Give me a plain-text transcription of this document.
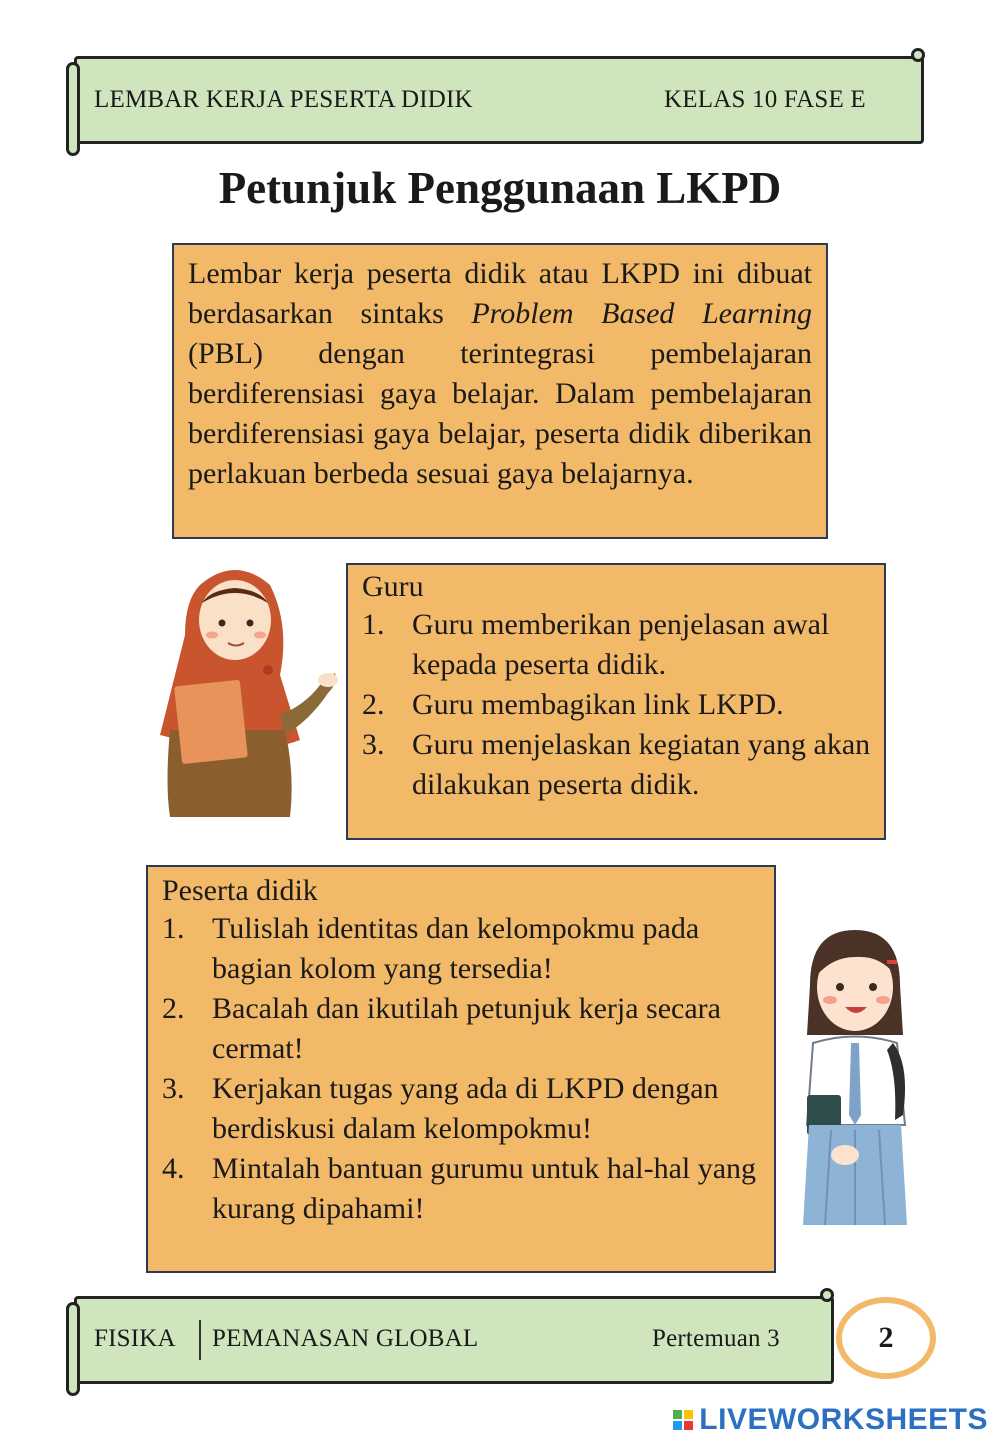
LEMBAR KERJA PESERTA DIDIK	KELAS 10 FASE E
Petunjuk Penggunaan LKPD
Lembar kerja peserta didik atau LKPD ini dibuat berdasarkan sintaks Problem Based Learning (PBL) dengan terintegrasi pembelajaran berdiferensiasi gaya belajar. Dalam pembelajaran berdiferensiasi gaya belajar, peserta didik diberikan perlakuan berbeda sesuai gaya belajarnya.
Guru
1. Guru memberikan penjelasan awal kepada peserta didik.
2. Guru membagikan link LKPD.
3. Guru menjelaskan kegiatan yang akan dilakukan peserta didik.
Peserta didik
1. Tulislah identitas dan kelompokmu pada bagian kolom yang tersedia!
2. Bacalah dan ikutilah petunjuk kerja secara cermat!
3. Kerjakan tugas yang ada di LKPD dengan berdiskusi dalam kelompokmu!
4. Mintalah bantuan gurumu untuk hal-hal yang kurang dipahami!
FISIKA PEMANASAN GLOBAL	Pertemuan 3	2
LIVEWORKSHEETS
